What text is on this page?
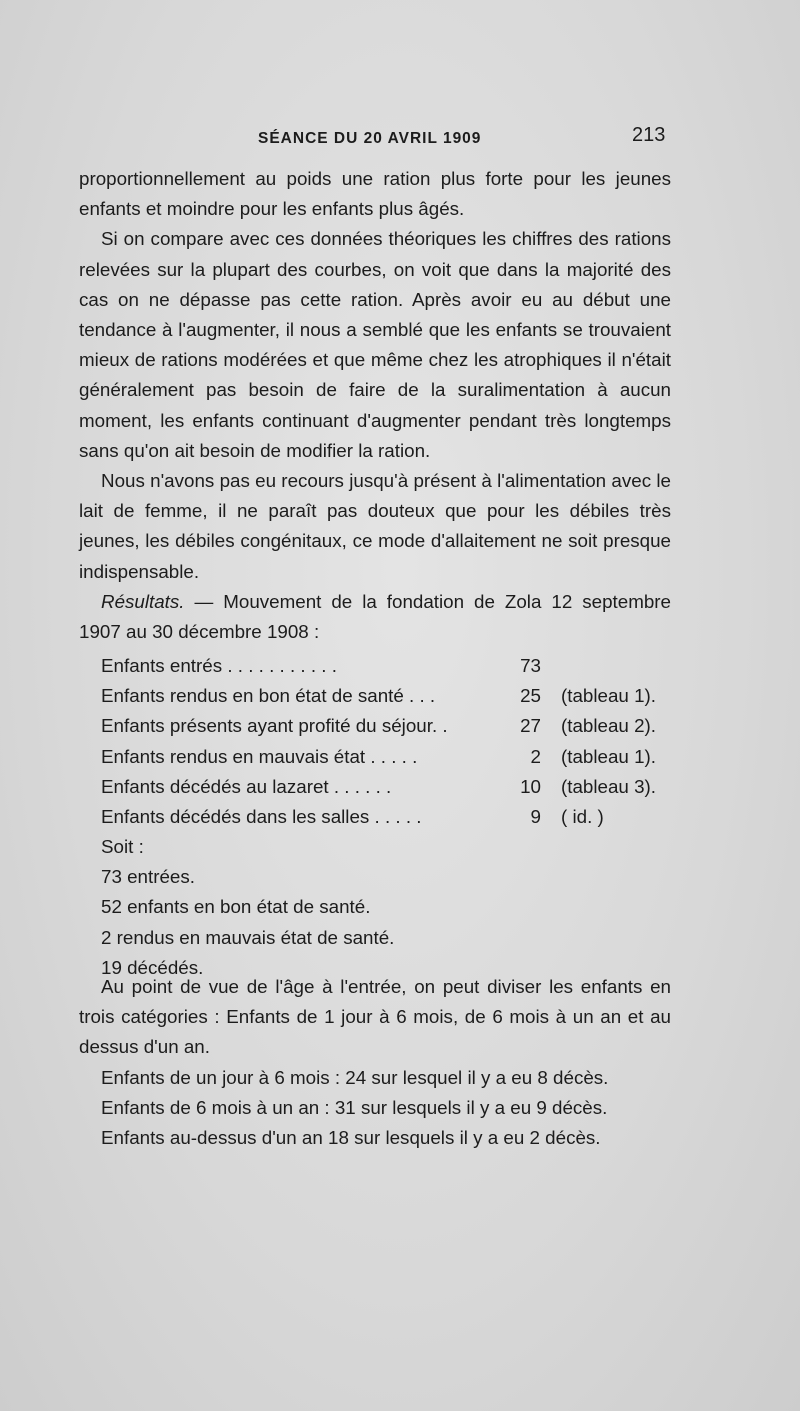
SÉANCE DU 20 AVRIL 1909	213

proportionnellement au poids une ration plus forte pour les jeunes enfants et moindre pour les enfants plus âgés.

Si on compare avec ces données théoriques les chiffres des rations relevées sur la plupart des courbes, on voit que dans la majorité des cas on ne dépasse pas cette ration. Après avoir eu au début une tendance à l'augmenter, il nous a semblé que les enfants se trouvaient mieux de rations modérées et que même chez les atrophiques il n'était généralement pas besoin de faire de la suralimentation à aucun moment, les enfants continuant d'augmenter pendant très longtemps sans qu'on ait besoin de modifier la ration.

Nous n'avons pas eu recours jusqu'à présent à l'alimentation avec le lait de femme, il ne paraît pas douteux que pour les débiles très jeunes, les débiles congénitaux, ce mode d'allaitement ne soit presque indispensable.

Résultats. — Mouvement de la fondation de Zola 12 septembre 1907 au 30 décembre 1908 :

Enfants entrés . . . . . . . . . . .	73
Enfants rendus en bon état de santé . . .	25 (tableau 1).
Enfants présents ayant profité du séjour. .	27 (tableau 2).
Enfants rendus en mauvais état . . . . .	2 (tableau 1).
Enfants décédés au lazaret . . . . . .	10 (tableau 3).
Enfants décédés dans les salles . . . . .	9 ( id. )
Soit :
73 entrées.
52 enfants en bon état de santé.
2 rendus en mauvais état de santé.
19 décédés.

Au point de vue de l'âge à l'entrée, on peut diviser les enfants en trois catégories : Enfants de 1 jour à 6 mois, de 6 mois à un an et au dessus d'un an.

Enfants de un jour à 6 mois : 24 sur lesquel il y a eu 8 décès.
Enfants de 6 mois à un an : 31 sur lesquels il y a eu 9 décès.
Enfants au-dessus d'un an 18 sur lesquels il y a eu 2 décès.
